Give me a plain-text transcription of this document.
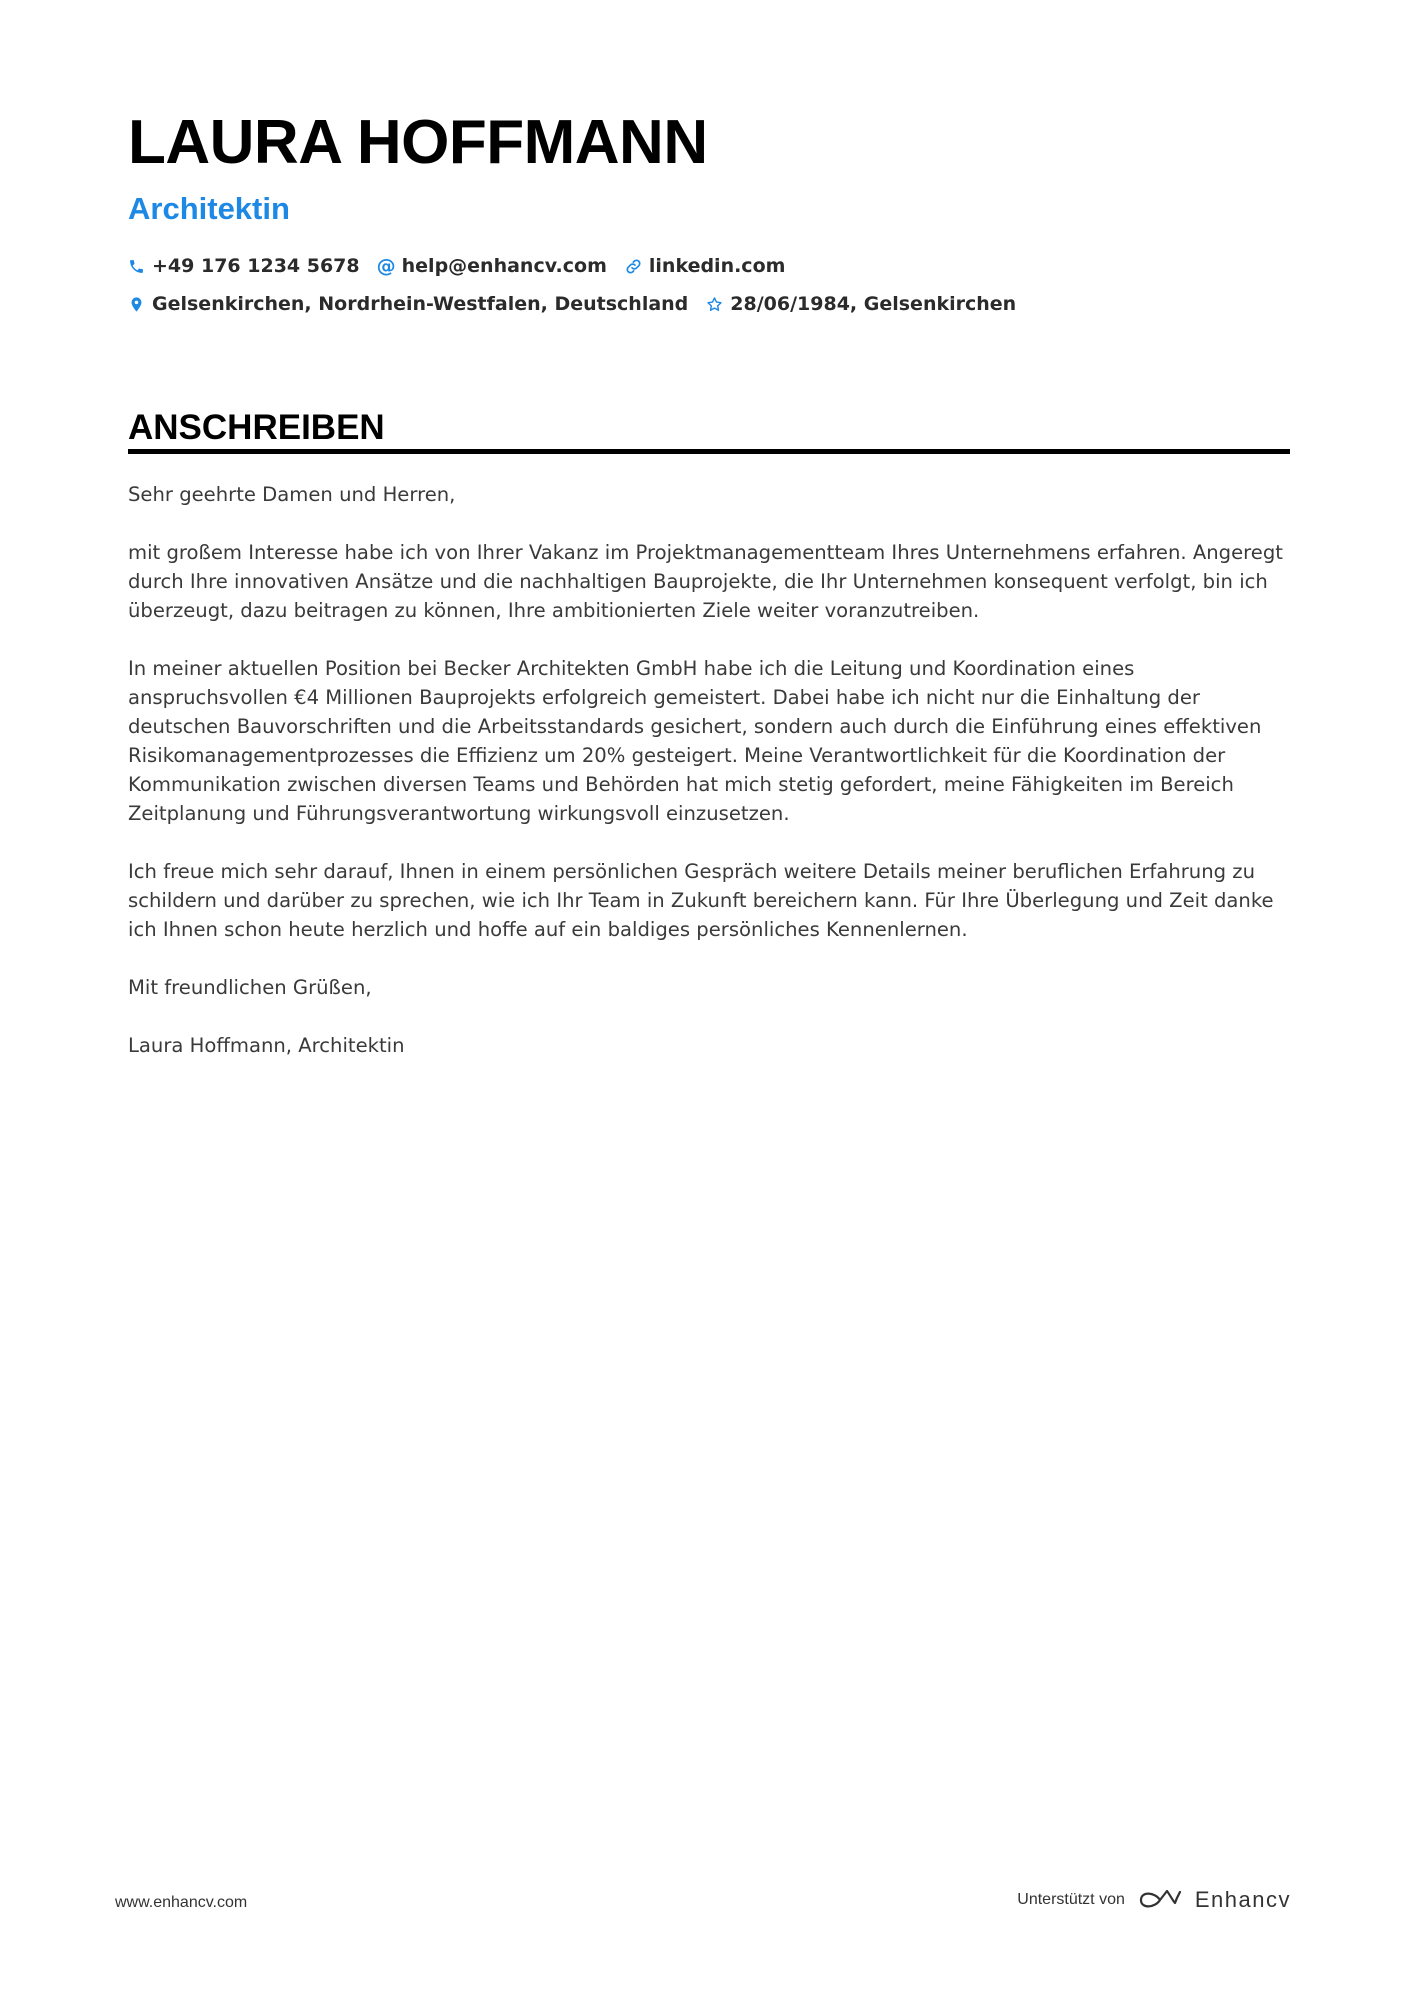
LAURA HOFFMANN
Architektin
+49 176 1234 5678 @ help@enhancv.com linkedin.com
Gelsenkirchen, Nordrhein-Westfalen, Deutschland 28/06/1984, Gelsenkirchen
ANSCHREIBEN

Sehr geehrte Damen und Herren,

mit großem Interesse habe ich von Ihrer Vakanz im Projektmanagementteam Ihres Unternehmens erfahren. Angeregt durch Ihre innovativen Ansätze und die nachhaltigen Bauprojekte, die Ihr Unternehmen konsequent verfolgt, bin ich überzeugt, dazu beitragen zu können, Ihre ambitionierten Ziele weiter voranzutreiben.

In meiner aktuellen Position bei Becker Architekten GmbH habe ich die Leitung und Koordination eines anspruchsvollen €4 Millionen Bauprojekts erfolgreich gemeistert. Dabei habe ich nicht nur die Einhaltung der deutschen Bauvorschriften und die Arbeitsstandards gesichert, sondern auch durch die Einführung eines effektiven Risikomanagementprozesses die Effizienz um 20% gesteigert. Meine Verantwortlichkeit für die Koordination der Kommunikation zwischen diversen Teams und Behörden hat mich stetig gefordert, meine Fähigkeiten im Bereich Zeitplanung und Führungsverantwortung wirkungsvoll einzusetzen.

Ich freue mich sehr darauf, Ihnen in einem persönlichen Gespräch weitere Details meiner beruflichen Erfahrung zu schildern und darüber zu sprechen, wie ich Ihr Team in Zukunft bereichern kann. Für Ihre Überlegung und Zeit danke ich Ihnen schon heute herzlich und hoffe auf ein baldiges persönliches Kennenlernen.

Mit freundlichen Grüßen,

Laura Hoffmann, Architektin

www.enhancv.com	Unterstützt von	Enhancv
